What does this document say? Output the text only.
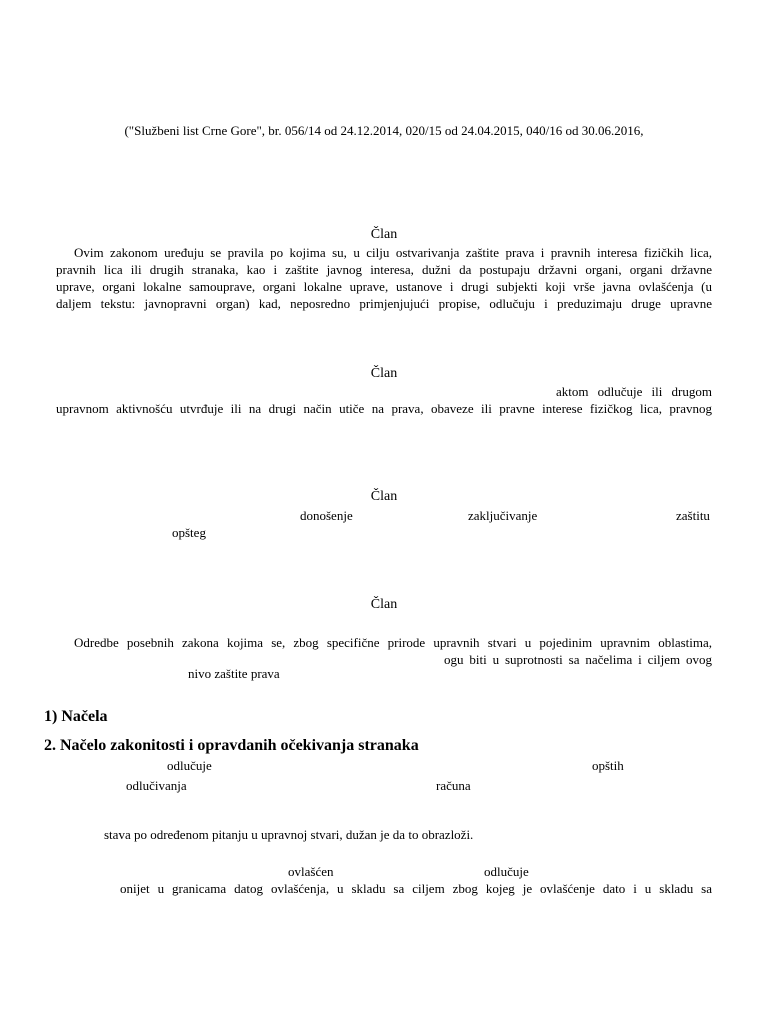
("Službeni list Crne Gore", br. 056/14 od 24.12.2014, 020/15 od 24.04.2015, 040/16 od 30.06.2016,
Član
Ovim zakonom uređuju se pravila po kojima su, u cilju ostvarivanja zaštite prava i pravnih interesa fizičkih lica,
pravnih lica ili drugih stranaka, kao i zaštite javnog interesa, dužni da postupaju državni organi, organi državne
uprave, organi lokalne samouprave, organi lokalne uprave, ustanove i drugi subjekti koji vrše javna ovlašćenja (u
daljem tekstu: javnopravni organ) kad, neposredno primjenjujući propise, odlučuju i preduzimaju druge upravne
Član
aktom odlučuje ili drugom
upravnom aktivnošću utvrđuje ili na drugi način utiče na prava, obaveze ili pravne interese fizičkog lica, pravnog
Član
donošenje	zaključivanje	zaštitu
opšteg
Član
Odredbe posebnih zakona kojima se, zbog specifične prirode upravnih stvari u pojedinim upravnim oblastima,
ogu biti u suprotnosti sa načelima i ciljem ovog
nivo zaštite prava
1) Načela
2. Načelo zakonitosti i opravdanih očekivanja stranaka
odlučuje	opštih
odlučivanja	računa
stava po određenom pitanju u upravnoj stvari, dužan je da to obrazloži.
ovlašćen	odlučuje
onijet u granicama datog ovlašćenja, u skladu sa ciljem zbog kojeg je ovlašćenje dato i u skladu sa
